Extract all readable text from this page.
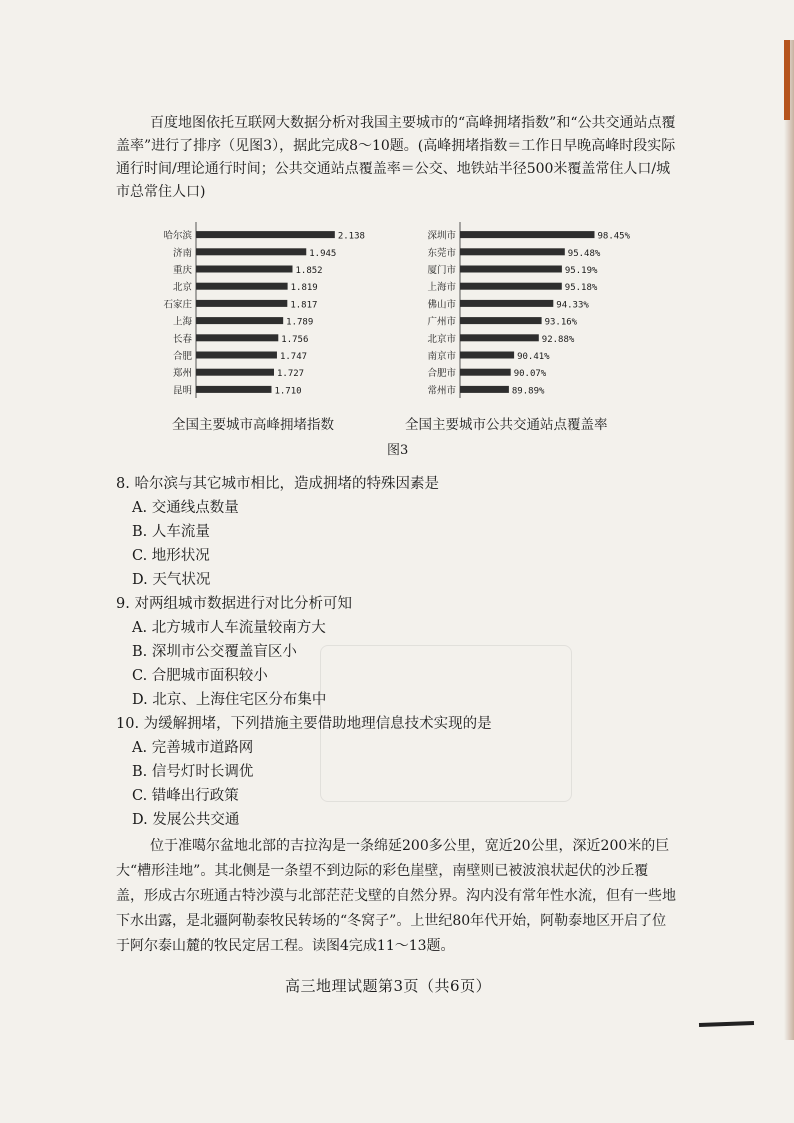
百度地图依托互联网大数据分析对我国主要城市的“高峰拥堵指数”和“公共交通站点覆盖率”进行了排序（见图3），据此完成8～10题。(高峰拥堵指数＝工作日早晚高峰时段实际通行时间/理论通行时间；公共交通站点覆盖率＝公交、地铁站半径500米覆盖常住人口/城市总常住人口)

哈尔滨	2.138
济南	1.945
重庆	1.852
北京	1.819
石家庄	1.817
上海	1.789
长春	1.756
合肥	1.747
郑州	1.727
昆明	1.710
深圳市	98.45%
东莞市	95.48%
厦门市	95.19%
上海市	95.18%
佛山市	94.33%
广州市	93.16%
北京市	92.88%
南京市	90.41%
合肥市	90.07%
常州市	89.89%
全国主要城市高峰拥堵指数	全国主要城市公共交通站点覆盖率
图3

8. 哈尔滨与其它城市相比，造成拥堵的特殊因素是

A. 交通线点数量

B. 人车流量

C. 地形状况

D. 天气状况

9. 对两组城市数据进行对比分析可知

A. 北方城市人车流量较南方大

B. 深圳市公交覆盖盲区小

C. 合肥城市面积较小

D. 北京、上海住宅区分布集中

10. 为缓解拥堵，下列措施主要借助地理信息技术实现的是

A. 完善城市道路网

B. 信号灯时长调优

C. 错峰出行政策

D. 发展公共交通

位于准噶尔盆地北部的吉拉沟是一条绵延200多公里，宽近20公里，深近200米的巨大“槽形洼地”。其北侧是一条望不到边际的彩色崖壁，南壁则已被波浪状起伏的沙丘覆盖，形成古尔班通古特沙漠与北部茫茫戈壁的自然分界。沟内没有常年性水流，但有一些地下水出露，是北疆阿勒泰牧民转场的“冬窝子”。上世纪80年代开始，阿勒泰地区开启了位于阿尔泰山麓的牧民定居工程。读图4完成11～13题。

高三地理试题第3页（共6页）
